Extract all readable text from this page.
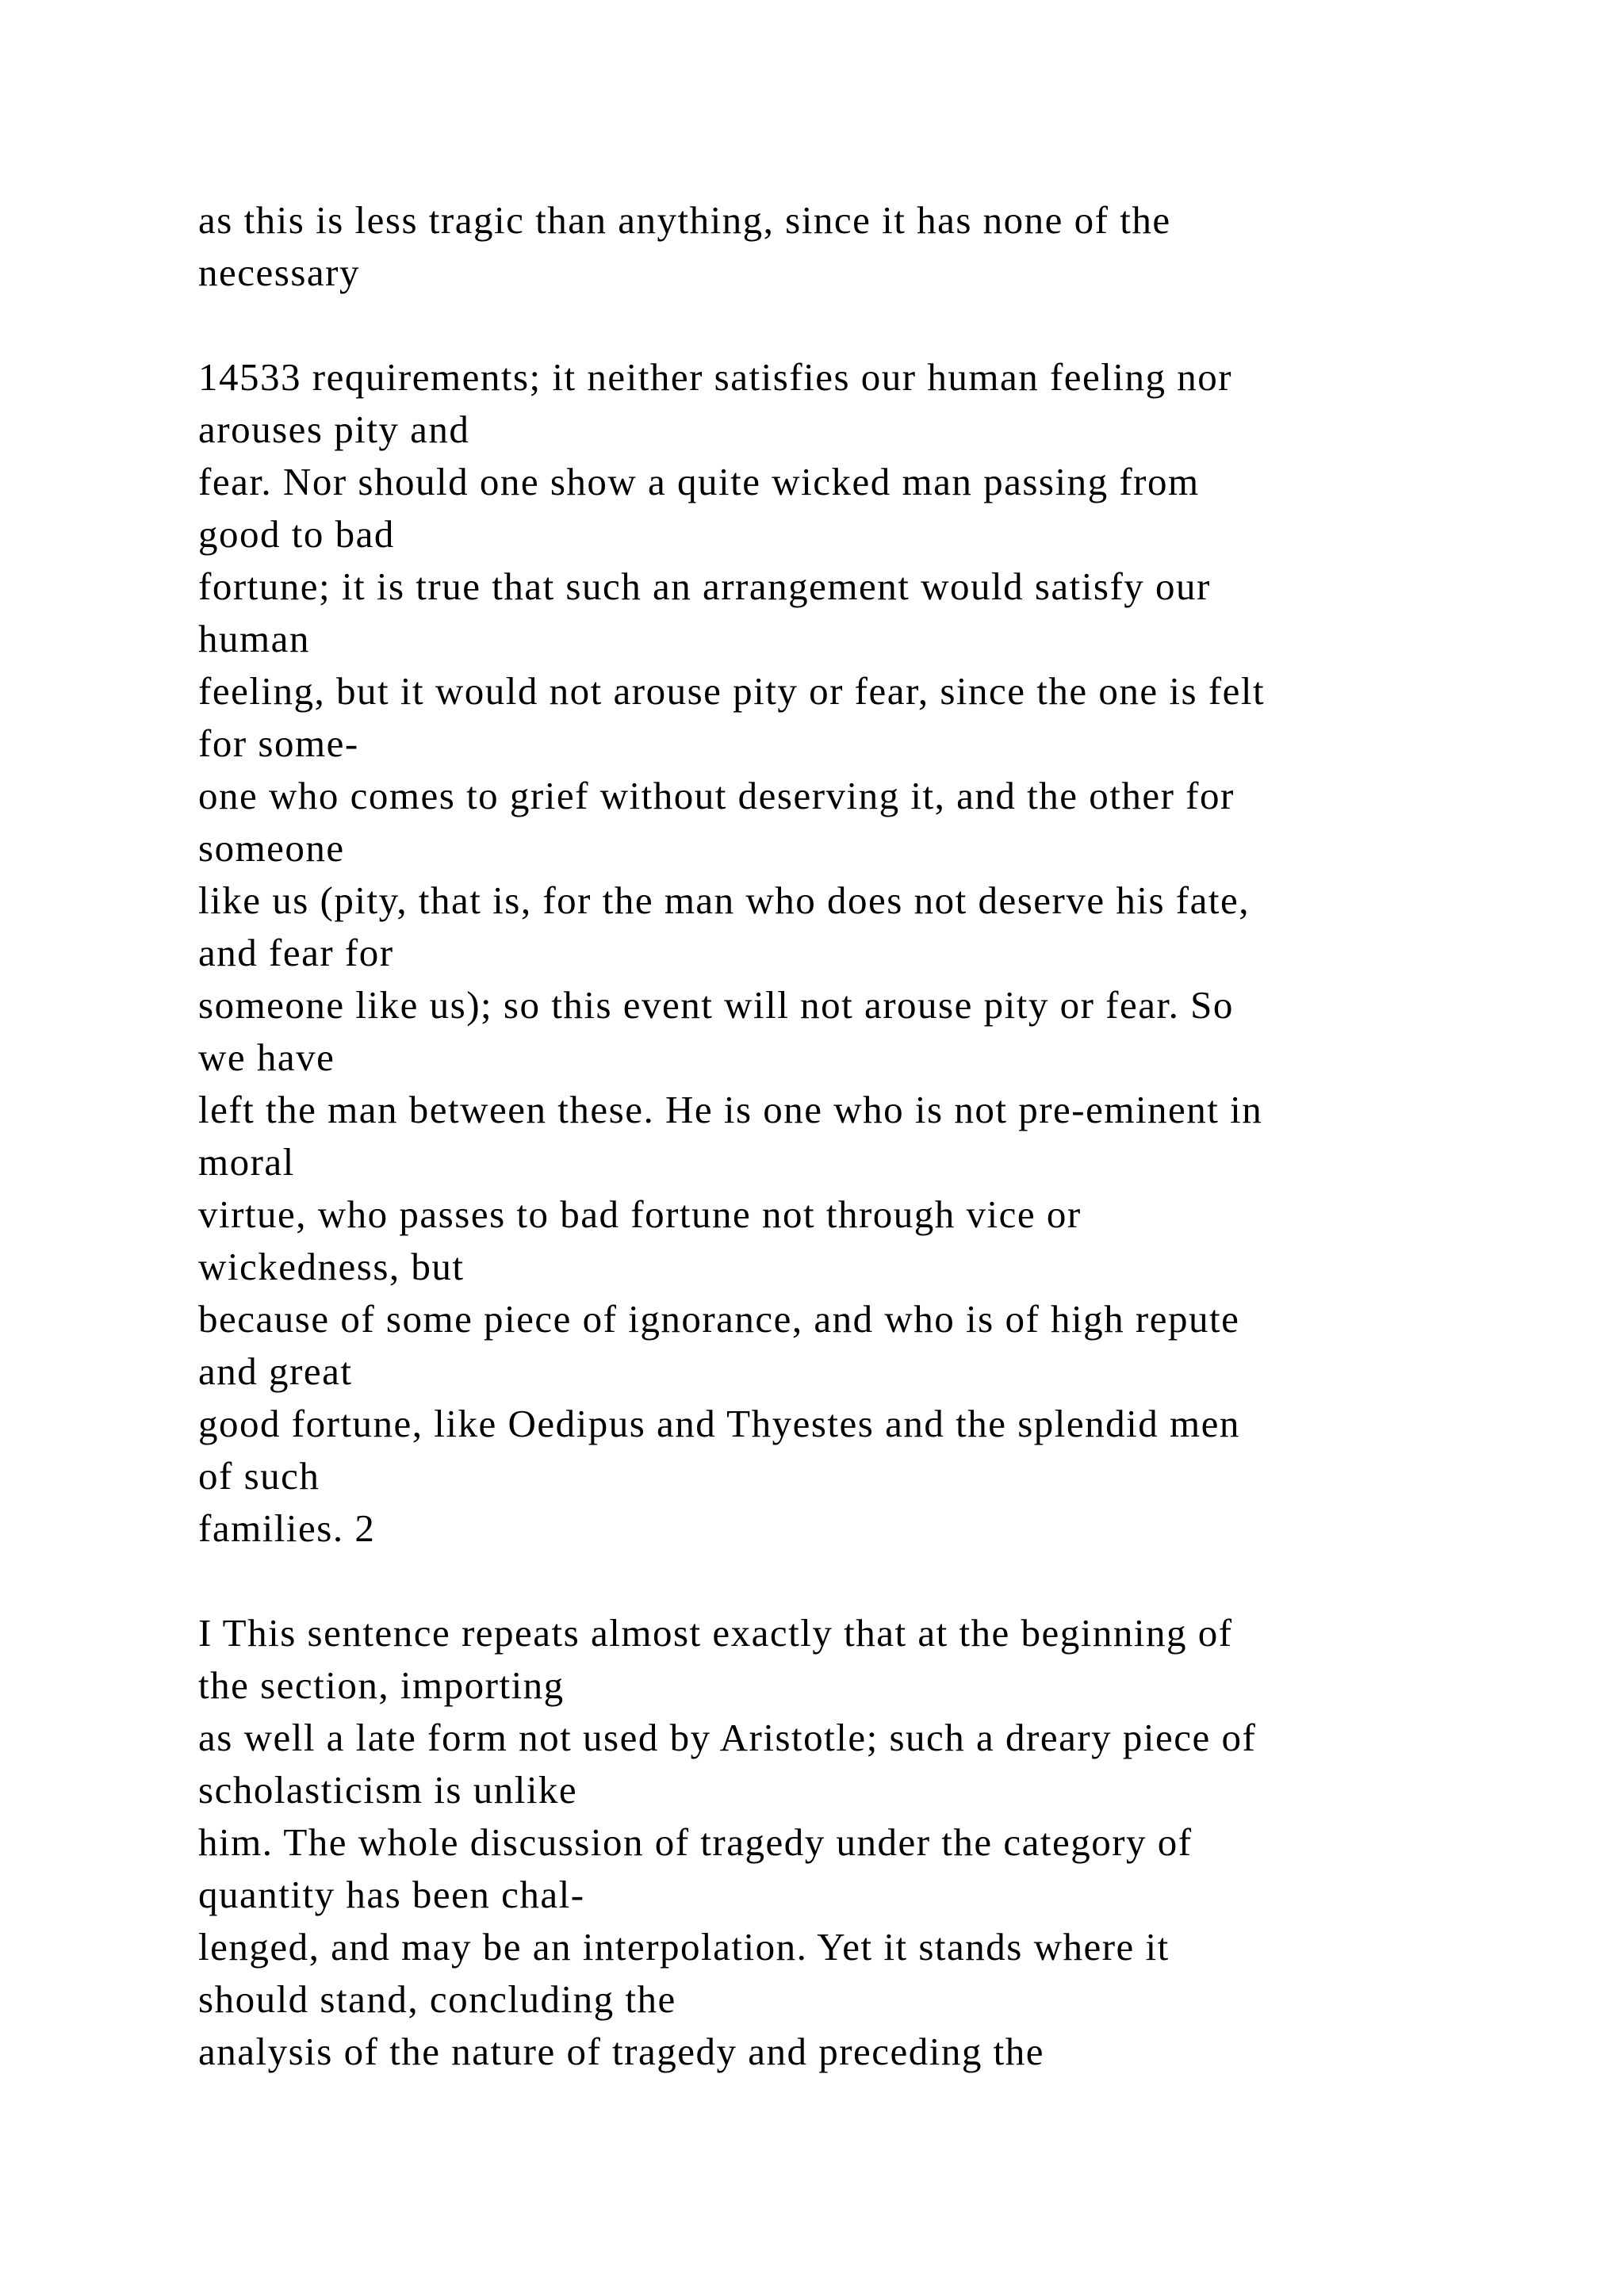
as this is less tragic than anything, since it has none of the
necessary
14533 requirements; it neither satisfies our human feeling nor
arouses pity and
fear. Nor should one show a quite wicked man passing from
good to bad
fortune; it is true that such an arrangement would satisfy our
human
feeling, but it would not arouse pity or fear, since the one is felt
for some-
one who comes to grief without deserving it, and the other for
someone
like us (pity, that is, for the man who does not deserve his fate,
and fear for
someone like us); so this event will not arouse pity or fear. So
we have
left the man between these. He is one who is not pre-eminent in
moral
virtue, who passes to bad fortune not through vice or
wickedness, but
because of some piece of ignorance, and who is of high repute
and great
good fortune, like Oedipus and Thyestes and the splendid men
of such
families. 2
I This sentence repeats almost exactly that at the beginning of
the section, importing
as well a late form not used by Aristotle; such a dreary piece of
scholasticism is unlike
him. The whole discussion of tragedy under the category of
quantity has been chal-
lenged, and may be an interpolation. Yet it stands where it
should stand, concluding the
analysis of the nature of tragedy and preceding the
